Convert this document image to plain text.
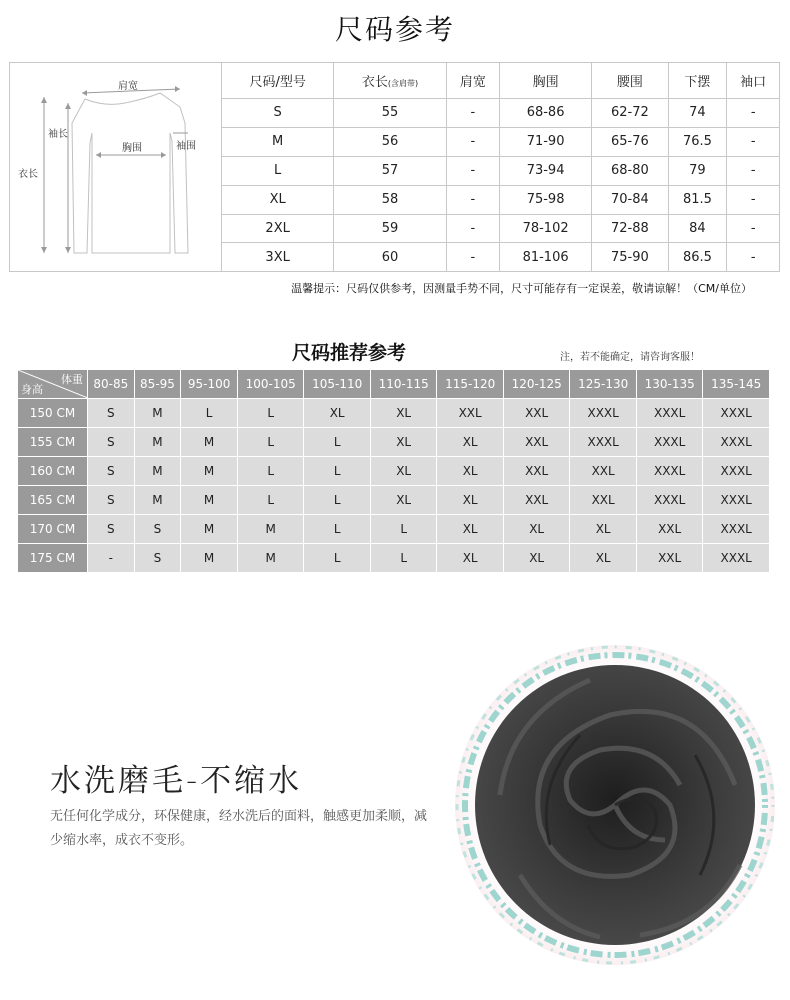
尺码参考
肩宽
袖长
胸围	袖围
衣长
尺码/型号	衣长(含肩带)	肩宽	胸围	腰围	下摆	袖口
S	55	-	68-86	62-72	74	-
M	56	-	71-90	65-76	76.5	-
L	57	-	73-94	68-80	79	-
XL	58	-	75-98	70-84	81.5	-
2XL	59	-	78-102	72-88	84	-
3XL	60	-	81-106	75-90	86.5	-
温馨提示：尺码仅供参考，因测量手势不同，尺寸可能存有一定误差，敬请谅解！（CM/单位）
尺码推荐参考	注，若不能确定，请咨询客服！
体重
身高	80-85	85-95	95-100	100-105	105-110	110-115	115-120	120-125	125-130	130-135	135-145
150 CM	S	M	L	L	XL	XL	XXL	XXL	XXXL	XXXL	XXXL
155 CM	S	M	M	L	L	XL	XL	XXL	XXXL	XXXL	XXXL
160 CM	S	M	M	L	L	XL	XL	XXL	XXL	XXXL	XXXL
165 CM	S	M	M	L	L	XL	XL	XXL	XXL	XXXL	XXXL
170 CM	S	S	M	M	L	L	XL	XL	XL	XXL	XXXL
175 CM	-	S	M	M	L	L	XL	XL	XL	XXL	XXXL
水洗磨毛-不缩水
无任何化学成分，环保健康，经水洗后的面料，触感更加柔顺，减少缩水率，成衣不变形。
